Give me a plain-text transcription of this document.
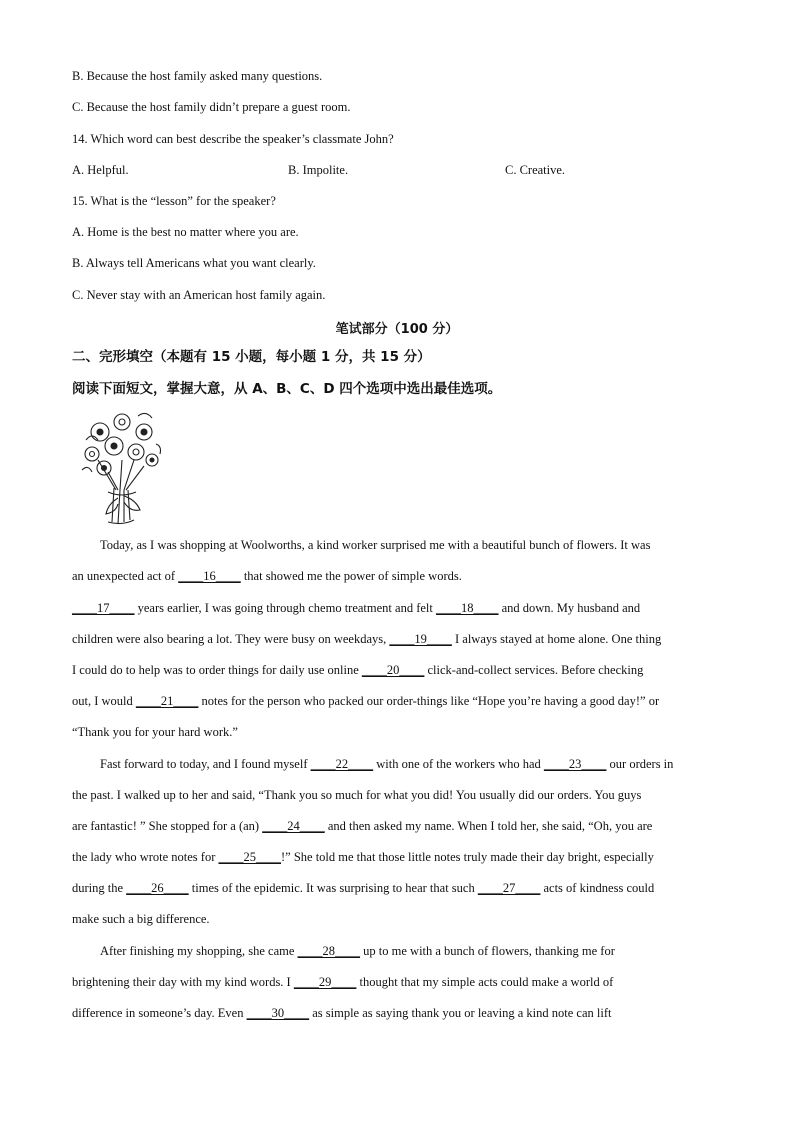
B. Because the host family asked many questions.
C. Because the host family didn’t prepare a guest room.
14. Which word can best describe the speaker’s classmate John?
A. Helpful.	B. Impolite.	C. Creative.
15. What is the “lesson” for the speaker?
A. Home is the best no matter where you are.
B. Always tell Americans what you want clearly.
C. Never stay with an American host family again.
笔试部分（100 分）
二、完形填空（本题有 15 小题，每小题 1 分，共 15 分）
阅读下面短文，掌握大意，从 A、B、C、D 四个选项中选出最佳选项。
Today, as I was shopping at Woolworths, a kind worker surprised me with a beautiful bunch of flowers. It was
an unexpected act of ____16____ that showed me the power of simple words.
____17____ years earlier, I was going through chemo treatment and felt ____18____ and down. My husband and
children were also bearing a lot. They were busy on weekdays, ____19____ I always stayed at home alone. One thing
I could do to help was to order things for daily use online ____20____ click-and-collect services. Before checking
out, I would ____21____ notes for the person who packed our order-things like “Hope you’re having a good day!” or
“Thank you for your hard work.”
Fast forward to today, and I found myself ____22____ with one of the workers who had ____23____ our orders in
the past. I walked up to her and said, “Thank you so much for what you did! You usually did our orders. You guys
are fantastic! ” She stopped for a (an) ____24____ and then asked my name. When I told her, she said, “Oh, you are
the lady who wrote notes for ____25____!” She told me that those little notes truly made their day bright, especially
during the ____26____ times of the epidemic. It was surprising to hear that such ____27____ acts of kindness could
make such a big difference.
After finishing my shopping, she came ____28____ up to me with a bunch of flowers, thanking me for
brightening their day with my kind words. I ____29____ thought that my simple acts could make a world of
difference in someone’s day. Even ____30____ as simple as saying thank you or leaving a kind note can lift
